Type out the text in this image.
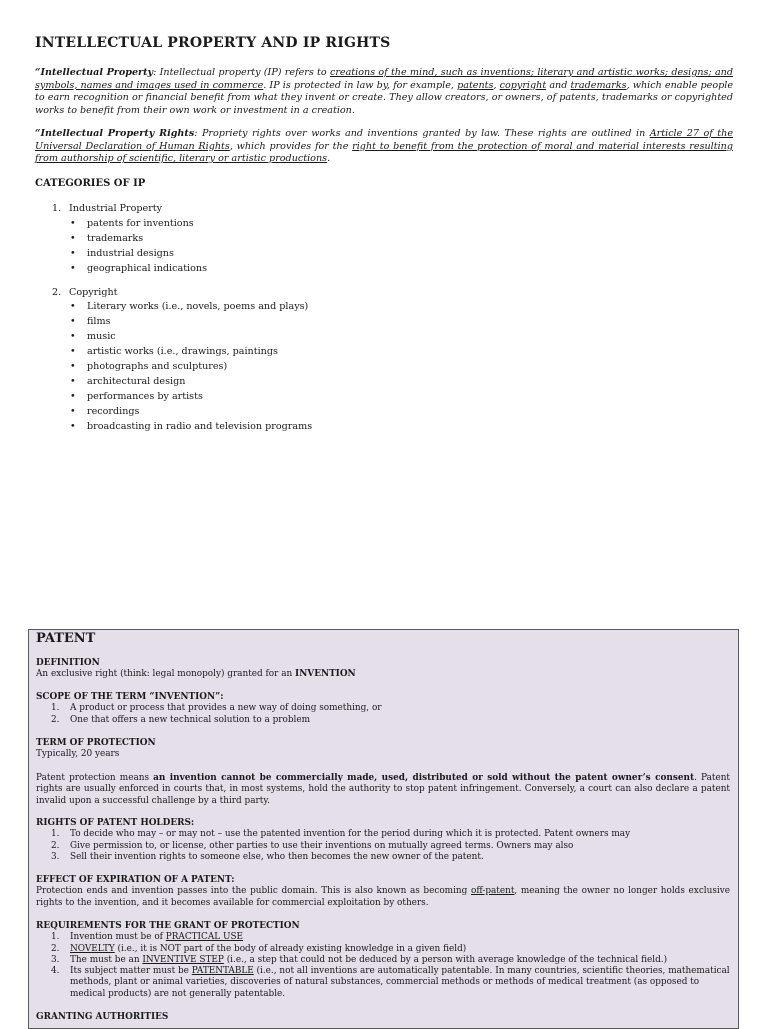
INTELLECTUAL PROPERTY AND IP RIGHTS
“Intellectual Property: Intellectual property (IP) refers to creations of the mind, such as inventions; literary and artistic works; designs; and symbols, names and images used in commerce. IP is protected in law by, for example, patents, copyright and trademarks, which enable people to earn recognition or financial benefit from what they invent or create. They allow creators, or owners, of patents, trademarks or copyrighted works to benefit from their own work or investment in a creation.
“Intellectual Property Rights: Propriety rights over works and inventions granted by law. These rights are outlined in Article 27 of the Universal Declaration of Human Rights, which provides for the right to benefit from the protection of moral and material interests resulting from authorship of scientific, literary or artistic productions.
CATEGORIES OF IP
1. Industrial Property
• patents for inventions
• trademarks
• industrial designs
• geographical indications
2. Copyright
• Literary works (i.e., novels, poems and plays)
• films
• music
• artistic works (i.e., drawings, paintings
• photographs and sculptures)
• architectural design
• performances by artists
• recordings
• broadcasting in radio and television programs
PATENT
DEFINITION
An exclusive right (think: legal monopoly) granted for an INVENTION
SCOPE OF THE TERM “INVENTION”:
1. A product or process that provides a new way of doing something, or
2. One that offers a new technical solution to a problem
TERM OF PROTECTION
Typically, 20 years
Patent protection means an invention cannot be commercially made, used, distributed or sold without the patent owner’s consent. Patent rights are usually enforced in courts that, in most systems, hold the authority to stop patent infringement. Conversely, a court can also declare a patent invalid upon a successful challenge by a third party.
RIGHTS OF PATENT HOLDERS:
1. To decide who may – or may not – use the patented invention for the period during which it is protected. Patent owners may
2. Give permission to, or license, other parties to use their inventions on mutually agreed terms. Owners may also
3. Sell their invention rights to someone else, who then becomes the new owner of the patent.
EFFECT OF EXPIRATION OF A PATENT:
Protection ends and invention passes into the public domain. This is also known as becoming off-patent, meaning the owner no longer holds exclusive rights to the invention, and it becomes available for commercial exploitation by others.
REQUIREMENTS FOR THE GRANT OF PROTECTION
1. Invention must be of PRACTICAL USE
2. NOVELTY (i.e., it is NOT part of the body of already existing knowledge in a given field)
3. The must be an INVENTIVE STEP (i.e., a step that could not be deduced by a person with average knowledge of the technical field.)
4. Its subject matter must be PATENTABLE (i.e., not all inventions are automatically patentable. In many countries, scientific theories, mathematical methods, plant or animal varieties, discoveries of natural substances, commercial methods or methods of medical treatment (as opposed to medical products) are not generally patentable.
GRANTING AUTHORITIES
